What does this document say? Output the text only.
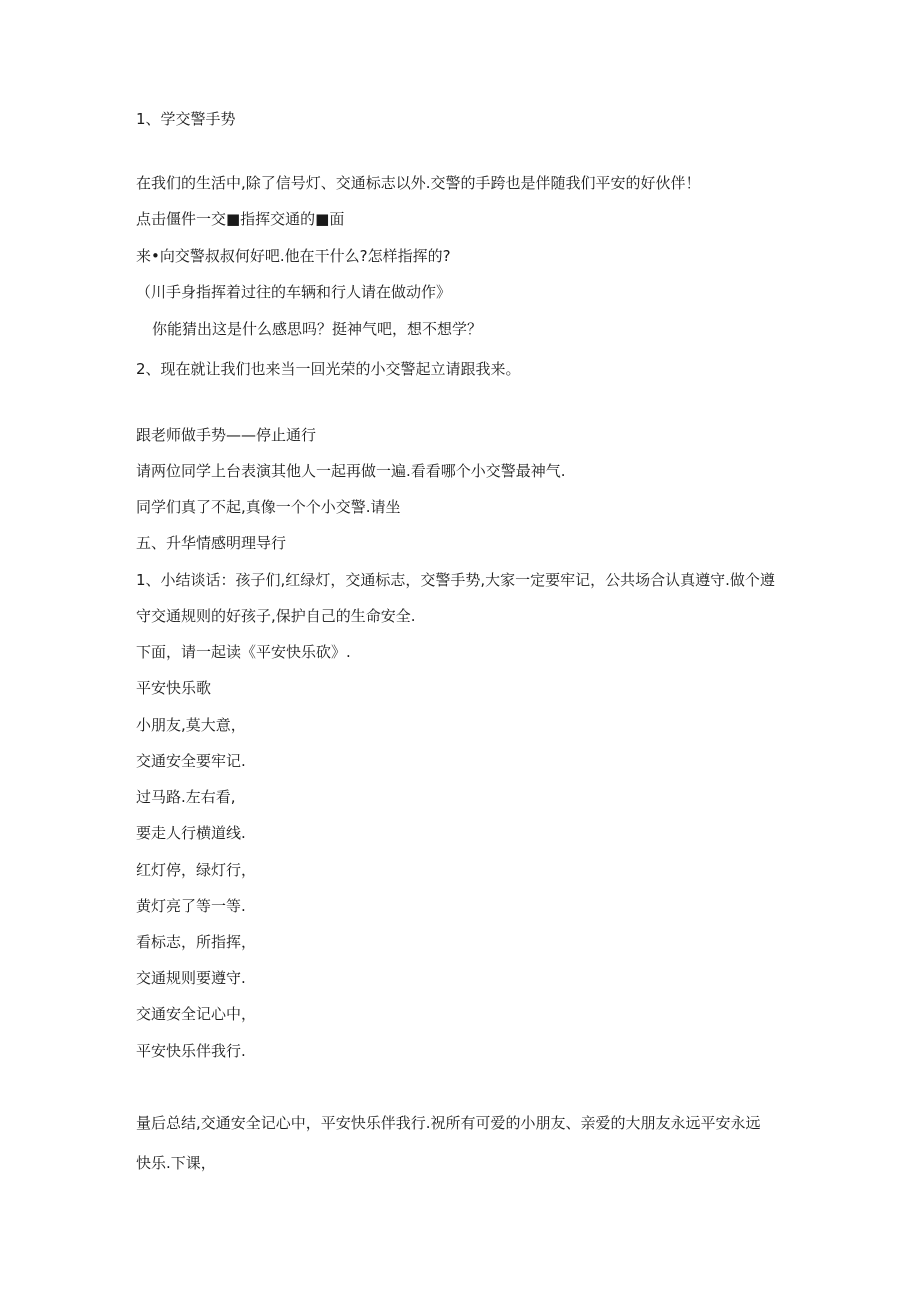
1、学交警手势
在我们的生活中,除了信号灯、交通标志以外.交警的手跨也是伴随我们平安的好伙伴！
点击僵件一交■指挥交通的■面
来•向交警叔叔何好吧.他在干什么?怎样指挥的?
（川手身指挥着过往的车辆和行人请在做动作》
你能猜出这是什么感思吗？挺神气吧，想不想学？
2、现在就让我们也来当一回光荣的小交警起立请跟我来。
跟老师做手势——停止通行
请两位同学上台表演其他人一起再做一遍.看看哪个小交警最神气.
同学们真了不起,真像一个个小交警.请坐
五、升华情感明理导行
1、小结谈话：孩子们,红绿灯，交通标志，交警手势,大家一定要牢记，公共场合认真遵守.做个遵
守交通规则的好孩子,保护自己的生命安全.
下面，请一起读《平安快乐砍》.
平安快乐歌
小朋友,莫大意，
交通安全要牢记.
过马路.左右看,
要走人行横道线.
红灯停，绿灯行，
黄灯亮了等一等.
看标志，所指挥，
交通规则要遵守.
交通安全记心中，
平安快乐伴我行.
量后总结,交通安全记心中，平安快乐伴我行.祝所有可爱的小朋友、亲爱的大朋友永远平安永远
快乐.下课，
